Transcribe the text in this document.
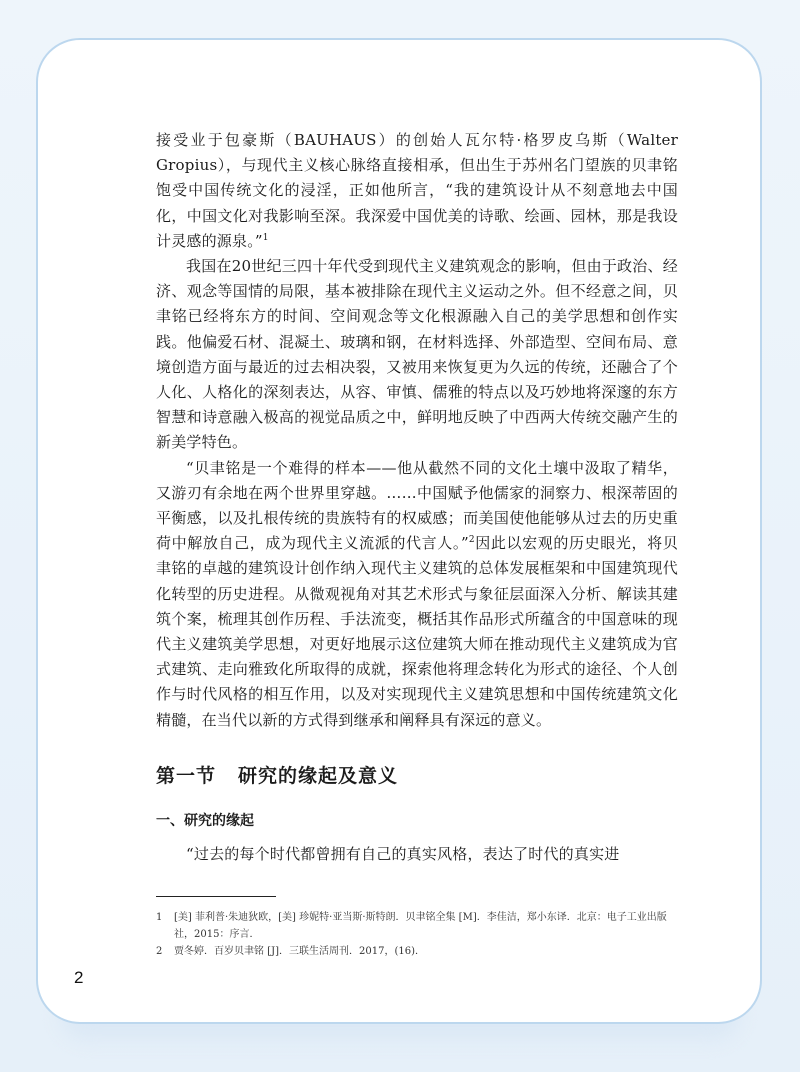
接受业于包豪斯（BAUHAUS）的创始人瓦尔特·格罗皮乌斯（Walter Gropius），与现代主义核心脉络直接相承，但出生于苏州名门望族的贝聿铭饱受中国传统文化的浸淫，正如他所言，“我的建筑设计从不刻意地去中国化，中国文化对我影响至深。我深爱中国优美的诗歌、绘画、园林，那是我设计灵感的源泉。”$^1$

我国在20世纪三四十年代受到现代主义建筑观念的影响，但由于政治、经济、观念等国情的局限，基本被排除在现代主义运动之外。但不经意之间，贝聿铭已经将东方的时间、空间观念等文化根源融入自己的美学思想和创作实践。他偏爱石材、混凝土、玻璃和钢，在材料选择、外部造型、空间布局、意境创造方面与最近的过去相决裂，又被用来恢复更为久远的传统，还融合了个人化、人格化的深刻表达，从容、审慎、儒雅的特点以及巧妙地将深邃的东方智慧和诗意融入极高的视觉品质之中，鲜明地反映了中西两大传统交融产生的新美学特色。

“贝聿铭是一个难得的样本——他从截然不同的文化土壤中汲取了精华，又游刃有余地在两个世界里穿越。……中国赋予他儒家的洞察力、根深蒂固的平衡感，以及扎根传统的贵族特有的权威感；而美国使他能够从过去的历史重荷中解放自己，成为现代主义流派的代言人。”$^2$因此以宏观的历史眼光，将贝聿铭的卓越的建筑设计创作纳入现代主义建筑的总体发展框架和中国建筑现代化转型的历史进程。从微观视角对其艺术形式与象征层面深入分析、解读其建筑个案，梳理其创作历程、手法流变，概括其作品形式所蕴含的中国意味的现代主义建筑美学思想，对更好地展示这位建筑大师在推动现代主义建筑成为官式建筑、走向雅致化所取得的成就，探索他将理念转化为形式的途径、个人创作与时代风格的相互作用，以及对实现现代主义建筑思想和中国传统建筑文化精髓，在当代以新的方式得到继承和阐释具有深远的意义。

第一节 研究的缘起及意义
一、研究的缘起

“过去的每个时代都曾拥有自己的真实风格，表达了时代的真实进

1	[美] 菲利普·朱迪狄欧，[美] 珍妮特·亚当斯·斯特朗．贝聿铭全集 [M]．李佳洁，郑小东译．北京：电子工业出版社，2015：序言．
2	贾冬婷．百岁贝聿铭 [J]．三联生活周刊．2017，(16)．
2
